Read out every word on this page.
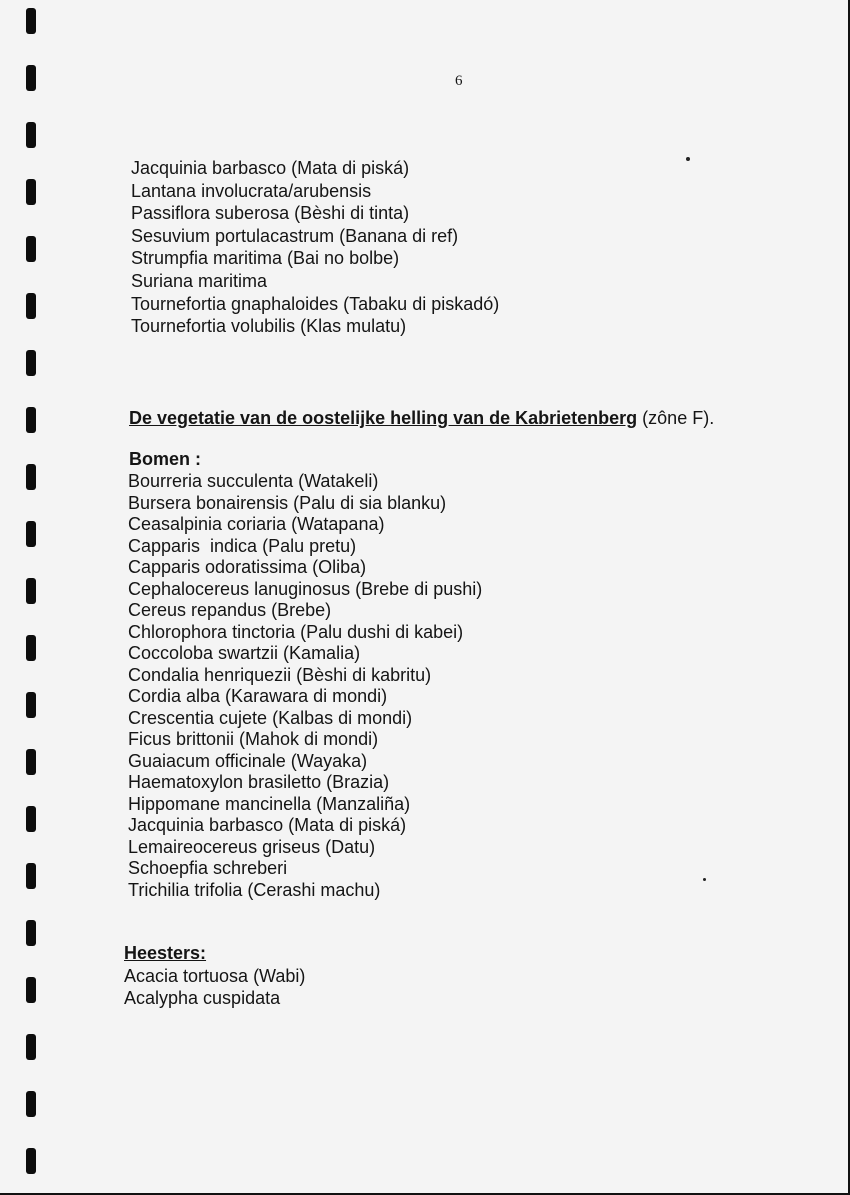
6
Jacquinia barbasco (Mata di piská)
Lantana involucrata/arubensis
Passiflora suberosa (Bèshi di tinta)
Sesuvium portulacastrum (Banana di ref)
Strumpfia maritima (Bai no bolbe)
Suriana maritima
Tournefortia gnaphaloides (Tabaku di piskadó)
Tournefortia volubilis (Klas mulatu)
De vegetatie van de oostelijke helling van de Kabrietenberg (zône F).
Bomen :
Bourreria succulenta (Watakeli)
Bursera bonairensis (Palu di sia blanku)
Ceasalpinia coriaria (Watapana)
Capparis  indica (Palu pretu)
Capparis odoratissima (Oliba)
Cephalocereus lanuginosus (Brebe di pushi)
Cereus repandus (Brebe)
Chlorophora tinctoria (Palu dushi di kabei)
Coccoloba swartzii (Kamalia)
Condalia henriquezii (Bèshi di kabritu)
Cordia alba (Karawara di mondi)
Crescentia cujete (Kalbas di mondi)
Ficus brittonii (Mahok di mondi)
Guaiacum officinale (Wayaka)
Haematoxylon brasiletto (Brazia)
Hippomane mancinella (Manzaliña)
Jacquinia barbasco (Mata di piská)
Lemaireocereus griseus (Datu)
Schoepfia schreberi
Trichilia trifolia (Cerashi machu)
Heesters:
Acacia tortuosa (Wabi)
Acalypha cuspidata
